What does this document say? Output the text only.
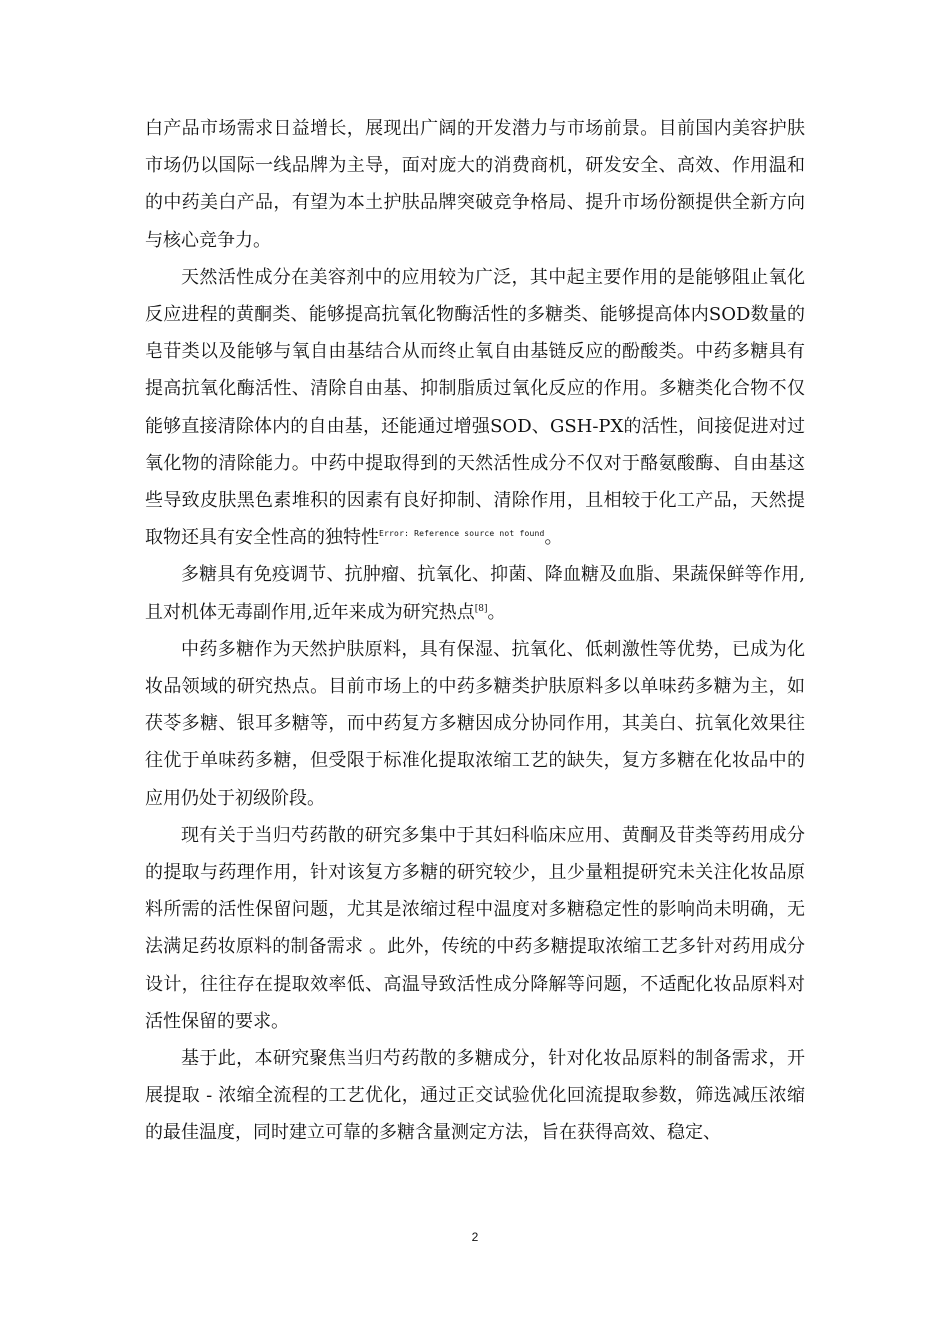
白产品市场需求日益增长，展现出广阔的开发潜力与市场前景。目前国内美容护肤市场仍以国际一线品牌为主导，面对庞大的消费商机，研发安全、高效、作用温和的中药美白产品，有望为本土护肤品牌突破竞争格局、提升市场份额提供全新方向与核心竞争力。

天然活性成分在美容剂中的应用较为广泛，其中起主要作用的是能够阻止氧化反应进程的黄酮类、能够提高抗氧化物酶活性的多糖类、能够提高体内SOD数量的皂苷类以及能够与氧自由基结合从而终止氧自由基链反应的酚酸类。中药多糖具有提高抗氧化酶活性、清除自由基、抑制脂质过氧化反应的作用。多糖类化合物不仅能够直接清除体内的自由基，还能通过增强SOD、GSH-PX的活性，间接促进对过氧化物的清除能力。中药中提取得到的天然活性成分不仅对于酪氨酸酶、自由基这些导致皮肤黑色素堆积的因素有良好抑制、清除作用，且相较于化工产品，天然提取物还具有安全性高的独特性$^{Error: Reference source not found}$。

多糖具有免疫调节、抗肿瘤、抗氧化、抑菌、降血糖及血脂、果蔬保鲜等作用,且对机体无毒副作用,近年来成为研究热点[8]。

中药多糖作为天然护肤原料，具有保湿、抗氧化、低刺激性等优势，已成为化妆品领域的研究热点。目前市场上的中药多糖类护肤原料多以单味药多糖为主，如茯苓多糖、银耳多糖等，而中药复方多糖因成分协同作用，其美白、抗氧化效果往往优于单味药多糖，但受限于标准化提取浓缩工艺的缺失，复方多糖在化妆品中的应用仍处于初级阶段。

现有关于当归芍药散的研究多集中于其妇科临床应用、黄酮及苷类等药用成分的提取与药理作用，针对该复方多糖的研究较少，且少量粗提研究未关注化妆品原料所需的活性保留问题，尤其是浓缩过程中温度对多糖稳定性的影响尚未明确，无法满足药妆原料的制备需求 。此外，传统的中药多糖提取浓缩工艺多针对药用成分设计，往往存在提取效率低、高温导致活性成分降解等问题，不适配化妆品原料对活性保留的要求。

基于此，本研究聚焦当归芍药散的多糖成分，针对化妆品原料的制备需求，开展提取 - 浓缩全流程的工艺优化，通过正交试验优化回流提取参数，筛选减压浓缩的最佳温度，同时建立可靠的多糖含量测定方法，旨在获得高效、稳定、

2
